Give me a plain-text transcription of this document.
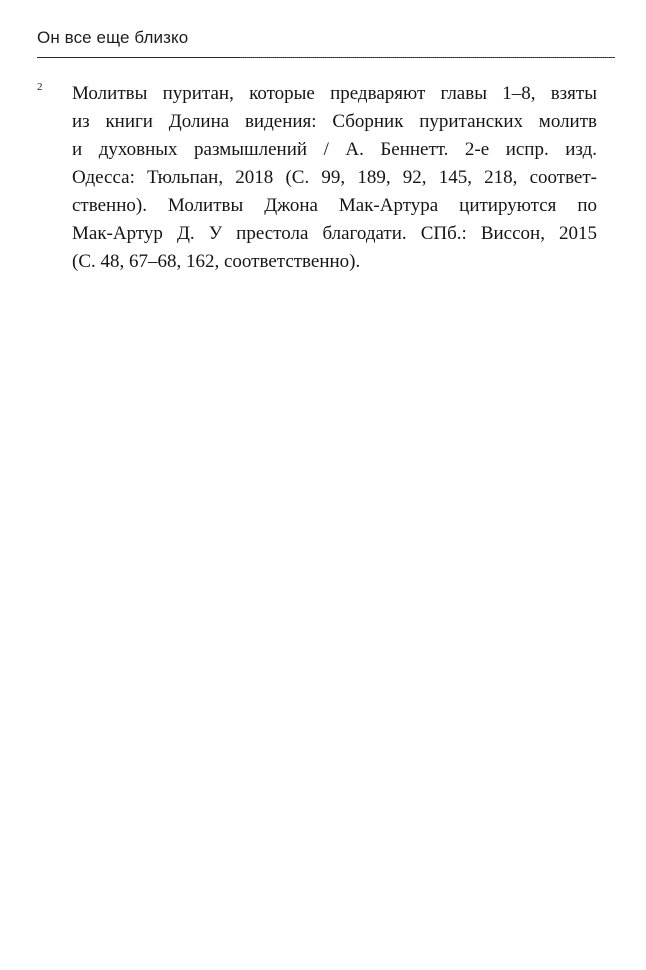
Он все еще близко
2 Молитвы пуритан, которые предваряют главы 1–8, взяты
из книги Долина видения: Сборник пуританских молитв
и духовных размышлений / А. Беннетт. 2-е испр. изд.
Одесса: Тюльпан, 2018 (С. 99, 189, 92, 145, 218, соответ-
ственно). Молитвы Джона Мак-Артура цитируются по
Мак-Артур Д. У престола благодати. СПб.: Виссон, 2015
(С. 48, 67–68, 162, соответственно).
